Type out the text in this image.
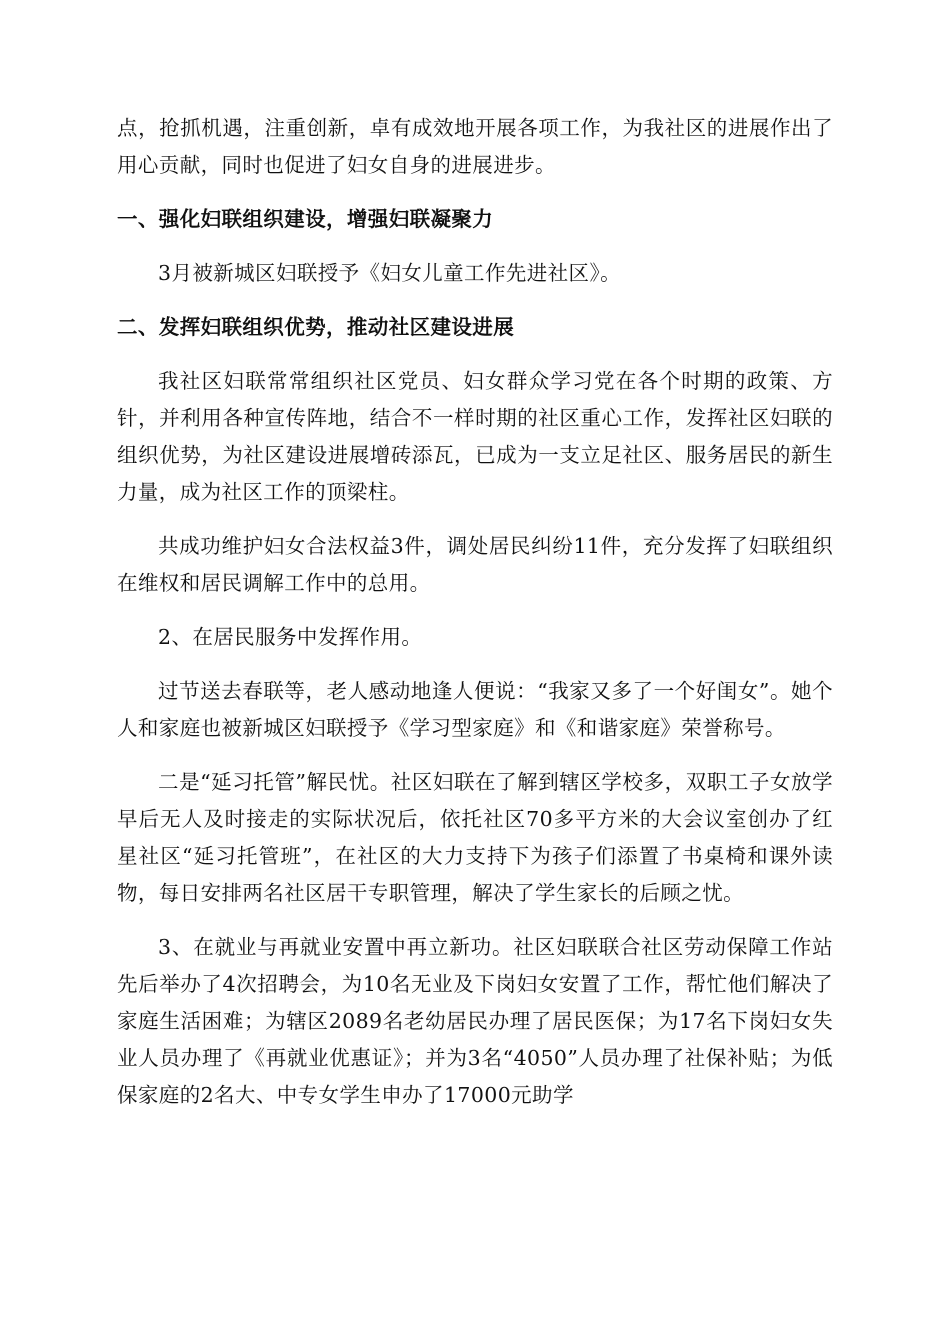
点，抢抓机遇，注重创新，卓有成效地开展各项工作，为我社区的进展作出了用心贡献，同时也促进了妇女自身的进展进步。

一、强化妇联组织建设，增强妇联凝聚力

3月被新城区妇联授予《妇女儿童工作先进社区》。

二、发挥妇联组织优势，推动社区建设进展

我社区妇联常常组织社区党员、妇女群众学习党在各个时期的政策、方针，并利用各种宣传阵地，结合不一样时期的社区重心工作，发挥社区妇联的组织优势，为社区建设进展增砖添瓦，已成为一支立足社区、服务居民的新生力量，成为社区工作的顶梁柱。

共成功维护妇女合法权益3件，调处居民纠纷11件，充分发挥了妇联组织在维权和居民调解工作中的总用。

2、在居民服务中发挥作用。

过节送去春联等，老人感动地逢人便说：“我家又多了一个好闺女”。她个人和家庭也被新城区妇联授予《学习型家庭》和《和谐家庭》荣誉称号。

二是“延习托管”解民忧。社区妇联在了解到辖区学校多，双职工子女放学早后无人及时接走的实际状况后，依托社区70多平方米的大会议室创办了红星社区“延习托管班”，在社区的大力支持下为孩子们添置了书桌椅和课外读物，每日安排两名社区居干专职管理，解决了学生家长的后顾之忧。

3、在就业与再就业安置中再立新功。社区妇联联合社区劳动保障工作站先后举办了4次招聘会，为10名无业及下岗妇女安置了工作，帮忙他们解决了家庭生活困难；为辖区2089名老幼居民办理了居民医保；为17名下岗妇女失业人员办理了《再就业优惠证》；并为3名“4050”人员办理了社保补贴；为低保家庭的2名大、中专女学生申办了17000元助学
